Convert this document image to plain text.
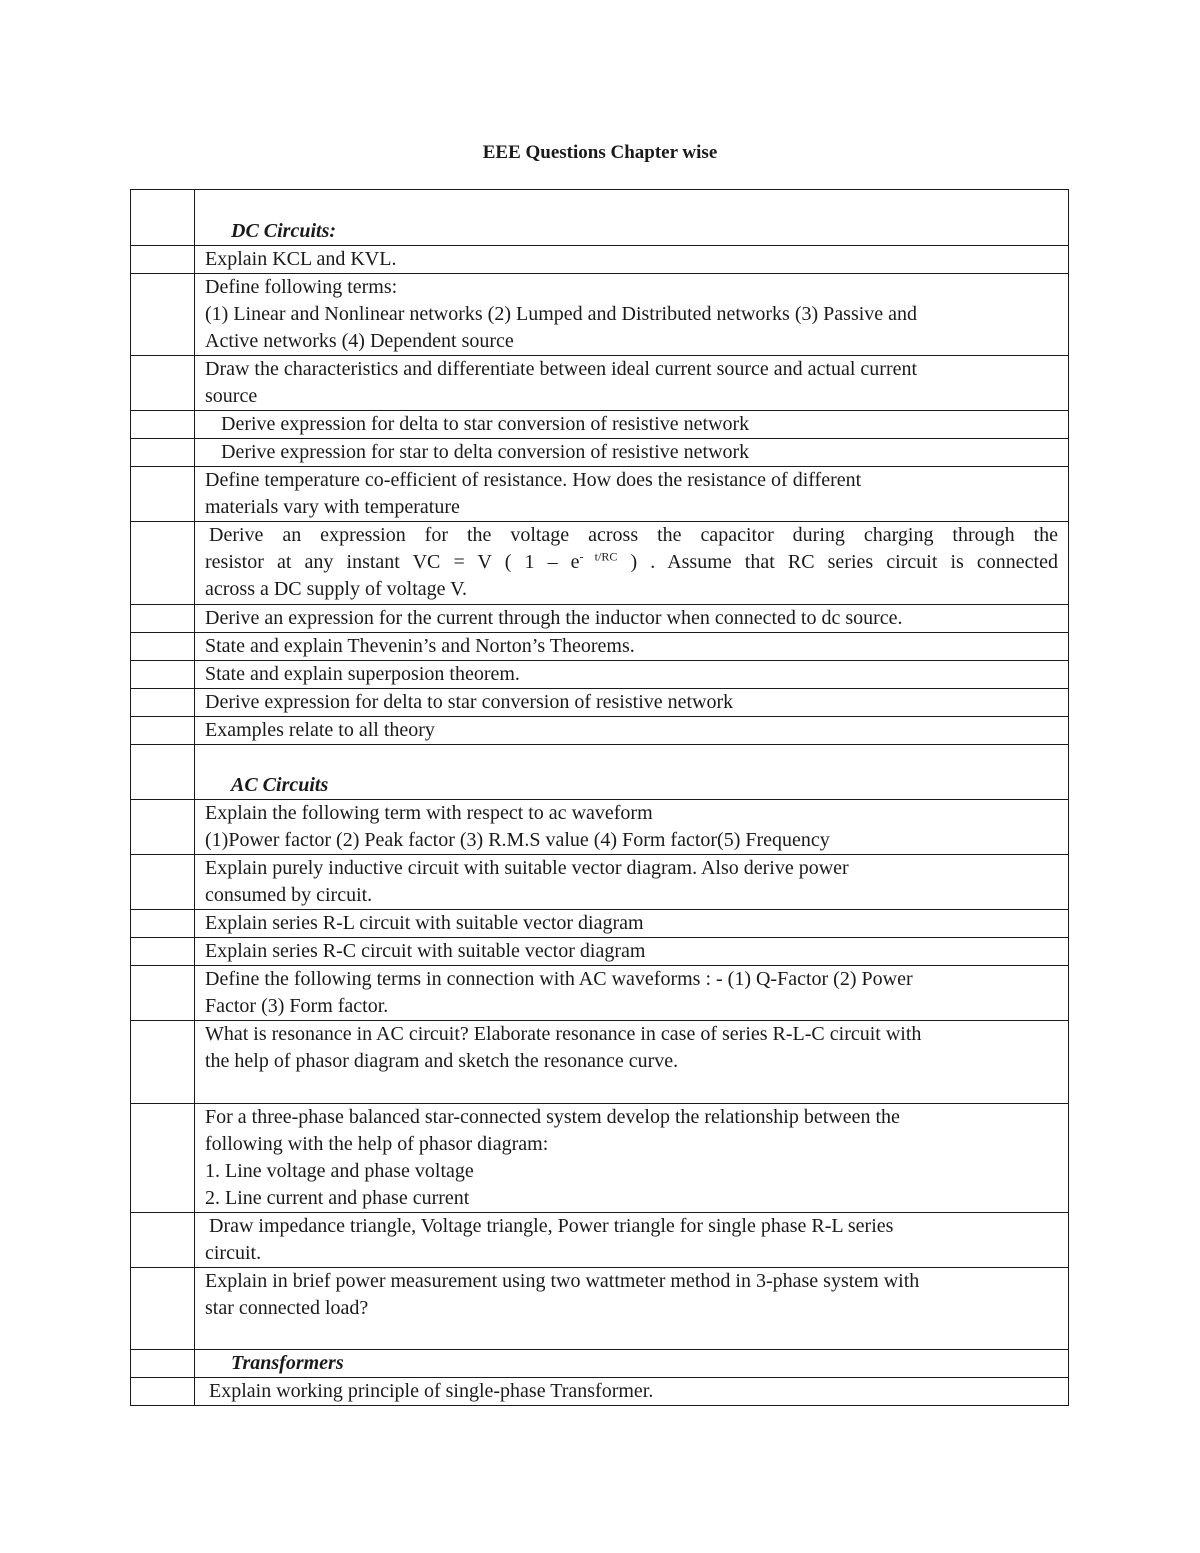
EEE Questions Chapter wise

	DC Circuits:

	Explain KCL and KVL.

	Define following terms:
(1) Linear and Nonlinear networks (2) Lumped and Distributed networks (3) Passive and
Active networks (4) Dependent source

	Draw the characteristics and differentiate between ideal current source and actual current
source

	Derive expression for delta to star conversion of resistive network

	Derive expression for star to delta conversion of resistive network

	Define temperature co-efficient of resistance. How does the resistance of different
materials vary with temperature

	Derive an expression for the voltage across the capacitor during charging through the
resistor at any instant VC = V ( $1 - e^{- t/RC}$ ) . Assume that RC series circuit is connected
across a DC supply of voltage V.

	Derive an expression for the current through the inductor when connected to dc source.

	State and explain Thevenin’s and Norton’s Theorems.

	State and explain superposion theorem.

	Derive expression for delta to star conversion of resistive network

	Examples relate to all theory

	AC Circuits

	Explain the following term with respect to ac waveform
(1)Power factor (2) Peak factor (3) R.M.S value (4) Form factor(5) Frequency

	Explain purely inductive circuit with suitable vector diagram. Also derive power
consumed by circuit.

	Explain series R-L circuit with suitable vector diagram

	Explain series R-C circuit with suitable vector diagram

	Define the following terms in connection with AC waveforms : - (1) Q-Factor (2) Power
Factor (3) Form factor.

	What is resonance in AC circuit? Elaborate resonance in case of series R-L-C circuit with
the help of phasor diagram and sketch the resonance curve.

	For a three-phase balanced star-connected system develop the relationship between the
following with the help of phasor diagram:
1. Line voltage and phase voltage
2. Line current and phase current

	Draw impedance triangle, Voltage triangle, Power triangle for single phase R-L series
circuit.

	Explain in brief power measurement using two wattmeter method in 3-phase system with
star connected load?

	Transformers

	Explain working principle of single-phase Transformer.
